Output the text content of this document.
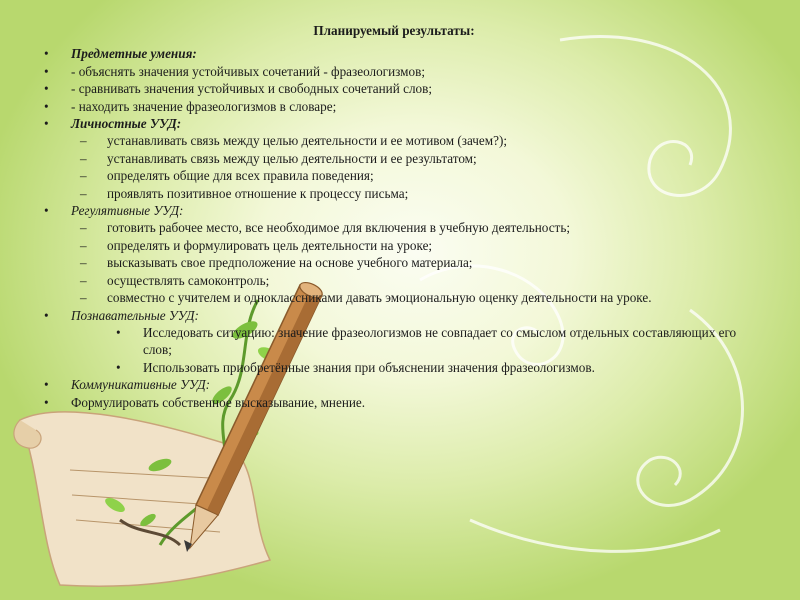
Планируемый результаты:
• Предметные умения:
• - объяснять значения устойчивых сочетаний - фразеологизмов;
• - сравнивать значения устойчивых и свободных сочетаний слов;
• - находить значение фразеологизмов в словаре;
• Личностные УУД:
– устанавливать связь между целью деятельности и ее мотивом (зачем?);
– устанавливать связь между целью деятельности и ее результатом;
– определять общие для всех правила поведения;
– проявлять позитивное отношение к процессу письма;
• Регулятивные УУД:
– готовить рабочее место, все необходимое для включения в учебную деятельность;
– определять и формулировать цель деятельности на уроке;
– высказывать свое предположение на основе учебного материала;
– осуществлять самоконтроль;
– совместно с учителем и одноклассниками давать эмоциональную оценку деятельности на уроке.
• Познавательные УУД:
• Исследовать ситуацию: значение фразеологизмов не совпадает со смыслом отдельных составляющих его слов;
• Использовать приобретённые знания при объяснении значения фразеологизмов.
• Коммуникативные УУД:
• Формулировать собственное высказывание, мнение.
